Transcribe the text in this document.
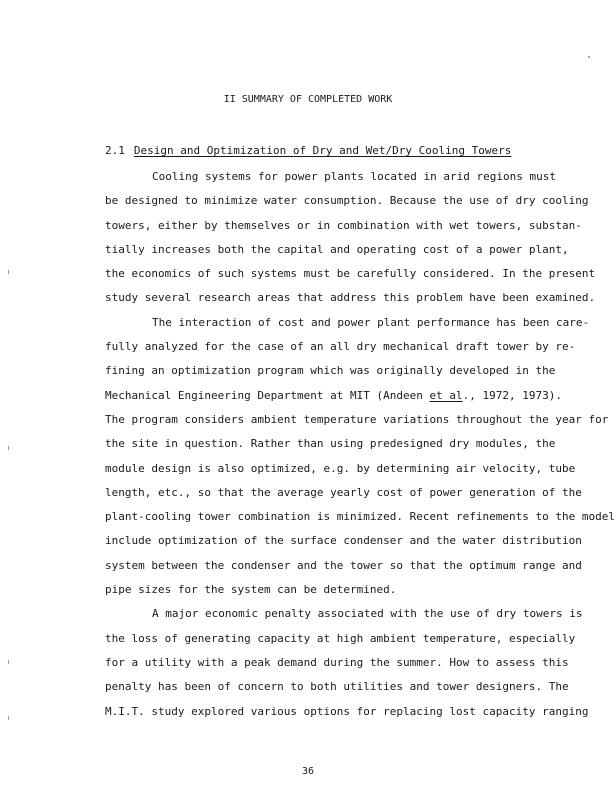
II SUMMARY OF COMPLETED WORK
2.1 Design and Optimization of Dry and Wet/Dry Cooling Towers
Cooling systems for power plants located in arid regions must
be designed to minimize water consumption. Because the use of dry cooling
towers, either by themselves or in combination with wet towers, substan-
tially increases both the capital and operating cost of a power plant,
the economics of such systems must be carefully considered. In the present
study several research areas that address this problem have been examined.
The interaction of cost and power plant performance has been care-
fully analyzed for the case of an all dry mechanical draft tower by re-
fining an optimization program which was originally developed in the
Mechanical Engineering Department at MIT (Andeen et al., 1972, 1973).
The program considers ambient temperature variations throughout the year for
the site in question. Rather than using predesigned dry modules, the
module design is also optimized, e.g. by determining air velocity, tube
length, etc., so that the average yearly cost of power generation of the
plant-cooling tower combination is minimized. Recent refinements to the model
include optimization of the surface condenser and the water distribution
system between the condenser and the tower so that the optimum range and
pipe sizes for the system can be determined.
A major economic penalty associated with the use of dry towers is
the loss of generating capacity at high ambient temperature, especially
for a utility with a peak demand during the summer. How to assess this
penalty has been of concern to both utilities and tower designers. The
M.I.T. study explored various options for replacing lost capacity ranging
36
